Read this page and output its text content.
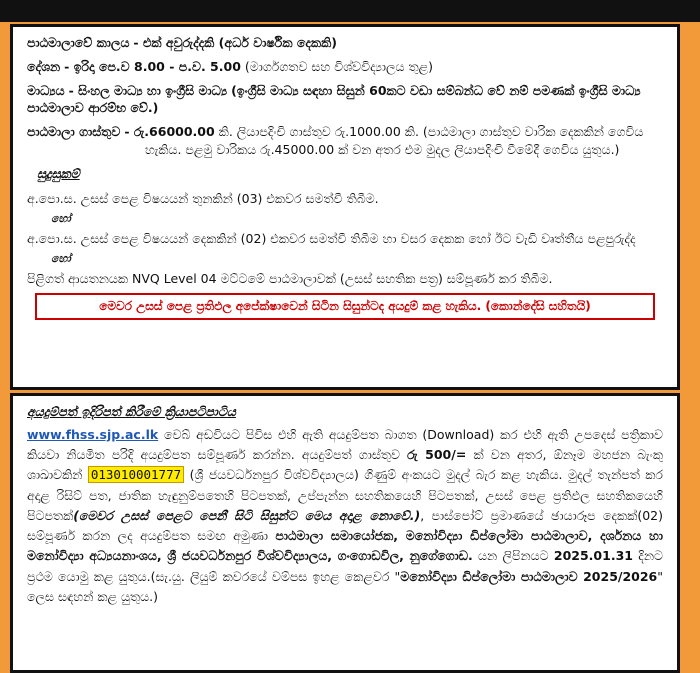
පාඨමාලාවේ කාලය - එක් අවුරුද්දකි (අර්ධ වාර්ෂික දෙකකි)

දේශන - ඉරිදා පෙ.ව 8.00 - ප.ව. 5.00 (මාර්ගගතව සහ විශ්වවිද්‍යාලය තුළ)

මාධ්‍යය - සිංහල මාධ්‍ය හා ඉංග්‍රීසි මාධ්‍ය (ඉංග්‍රීසි මාධ්‍ය සඳහා සිසුන් 60කට වඩා සම්බන්ධ වේ නම් පමණක් ඉංග්‍රීසි මාධ්‍ය පාඨමාලාව ආරම්භ වේ.)

පාඨමාලා ගාස්තුව - රු.66000.00 කි. ලියාපදිංචි ගාස්තුව රු.1000.00 කි. (පාඨමාලා ගාස්තුව වාරික දෙකකින් ගෙවිය

හැකිය. පළමු වාරිකය රු.45000.00 ක් වන අතර එම මුදල ලියාපදිංචි වීමේදී ගෙවිය යුතුය.)

සුදුසුකම්

අ.පො.ස. උසස් පෙළ විෂයයන් තුනකින් (03) එකවර සමත්වී තිබීම.

හෝ

අ.පො.ස. උසස් පෙළ විෂයයන් දෙකකින් (02) එකවර සමත්වී තිබීම හා වසර දෙකක හෝ ඊට වැඩි වෘත්තීය පළපුරුද්ද

හෝ

පිළිගත් ආයතනයක NVQ Level 04 මට්ටමේ පාඨමාලාවක් (උසස් සහතික පත්‍ර) සම්පූර්ණ කර තිබීම.

මෙවර උසස් පෙළ ප්‍රතිඵල අපේක්ෂාවෙන් සිටින සිසුන්ටද අයදුම් කළ හැකිය. (කොන්දේසි සහිතයි)
අයදුම්පත් ඉදිරිපත් කිරීමේ ක්‍රියාපටිපාටිය
www.fhss.sjp.ac.lk වෙබ් අඩවියට පිවිස එහි ඇති අයදුම්පත බාගත (Download) කර එහි ඇති උපදෙස් පත්‍රිකාව කියවා නියමිත පරිදි අයදුම්පත සම්පූර්ණ කරන්න. අයදුම්පත් ගාස්තුව රු 500/= ක් වන අතර, ඕනෑම මහජන බැංකු ශාඛාවකින් 013010001777 (ශ්‍රී ජයවර්ධනපුර විශ්වවිද්‍යාලය) ගිණුම් අංකයට මුදල් බැර කළ හැකිය. මුදල් තැන්පත් කර අදාළ රිසිට් පත, ජාතික හැඳුනුම්පතෙහි පිටපතක්, උප්පැන්න සහතිකයෙහි පිටපතක්, උසස් පෙළ ප්‍රතිඵල සහතිකයෙහි පිටපතක්(මෙවර උසස් පෙළට පෙනී සිටි සිසුන්ට මෙය අදාළ නොවේ.), පාස්පෝට් ප්‍රමාණයේ ඡායාරූප දෙකක්(02) සම්පූර්ණ කරන ලද අයදුම්පත සමඟ අමුණා පාඨමාලා සමායෝජක, මනෝවිද්‍යා ඩිප්ලෝමා පාඨමාලාව, දර්ශනය හා මනෝවිද්‍යා අධ්‍යයනාංශය, ශ්‍රී ජයවර්ධනපුර විශ්වවිද්‍යාලය, ගංගොඩවිල, නුගේගොඩ. යන ලිපිනයට 2025.01.31 දිනට ප්‍රථම යොමු කළ යුතුය.(සැ.යු. ලියුම් කවරයේ වම්පස ඉහළ කෙළවර "මනෝවිද්‍යා ඩිප්ලෝමා පාඨමාලාව 2025/2026" ලෙස සඳහන් කළ යුතුය.)
